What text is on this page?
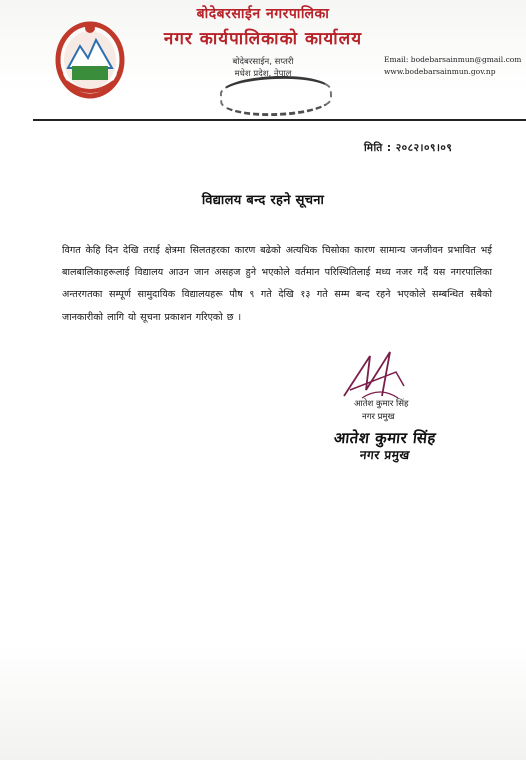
बोदेबरसाईन नगरपालिका
नगर कार्यपालिकाको कार्यालय
बोदेबरसाईन, सप्तरी
मधेश प्रदेश, नेपाल
Email: bodebarsainmun@gmail.com
www.bodebarsainmun.gov.np
मिति : २०८२।०९।०९
विद्यालय बन्द रहने सूचना
विगत केहि दिन देखि तराई क्षेत्रमा सिलतहरका कारण बढेको अत्यधिक चिसोका कारण सामान्य जनजीवन प्रभावित भई बालबालिकाहरूलाई विद्यालय आउन जान असहज हुने भएकोले वर्तमान परिस्थितिलाई मध्य नजर गर्दै यस नगरपालिका अन्तरगतका सम्पूर्ण सामुदायिक विद्यालयहरू पौष ९ गते देखि १३ गते सम्म बन्द रहने भएकोले सम्बन्धित सबैको जानकारीको लागि यो सूचना प्रकाशन गरिएको छ ।
आतेश कुमार सिंह
नगर प्रमुख
आतेश कुमार सिंह
नगर प्रमुख
